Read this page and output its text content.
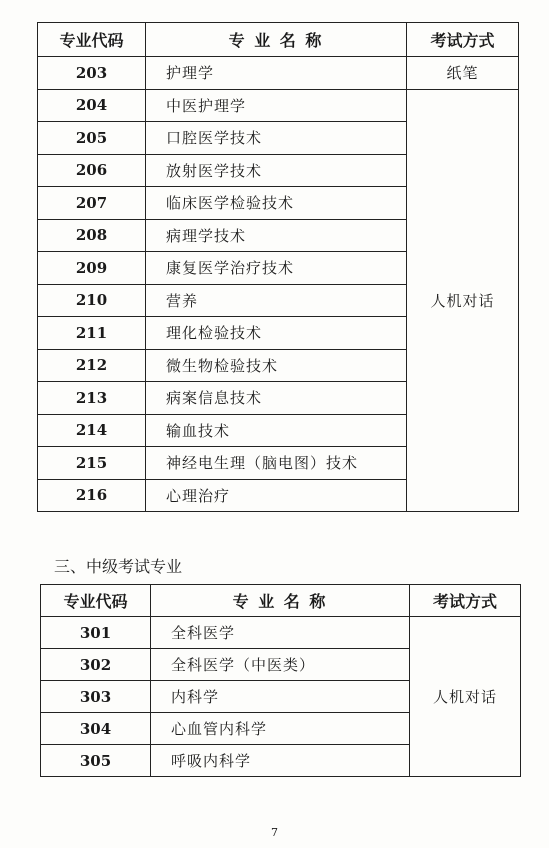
专业代码	专 业 名 称	考试方式
203	护理学	纸笔
204	中医护理学	人机对话
205	口腔医学技术	
206	放射医学技术	
207	临床医学检验技术	
208	病理学技术	
209	康复医学治疗技术	
210	营养	
211	理化检验技术	
212	微生物检验技术	
213	病案信息技术	
214	输血技术	
215	神经电生理（脑电图）技术	
216	心理治疗	
三、中级考试专业
专业代码	专 业 名 称	考试方式
301	全科医学	人机对话
302	全科医学（中医类）	
303	内科学	
304	心血管内科学	
305	呼吸内科学	
7
